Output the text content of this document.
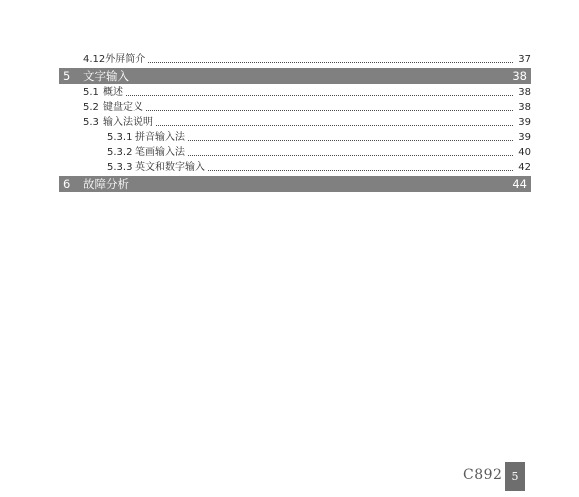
4.12 外屏简介	37
5	文字输入	38
5.1 概述	38
5.2 键盘定义	38
5.3 输入法说明	39
5.3.1 拼音输入法	39
5.3.2 笔画输入法	40
5.3.3 英文和数字输入	42
6	故障分析	44
C892 5
